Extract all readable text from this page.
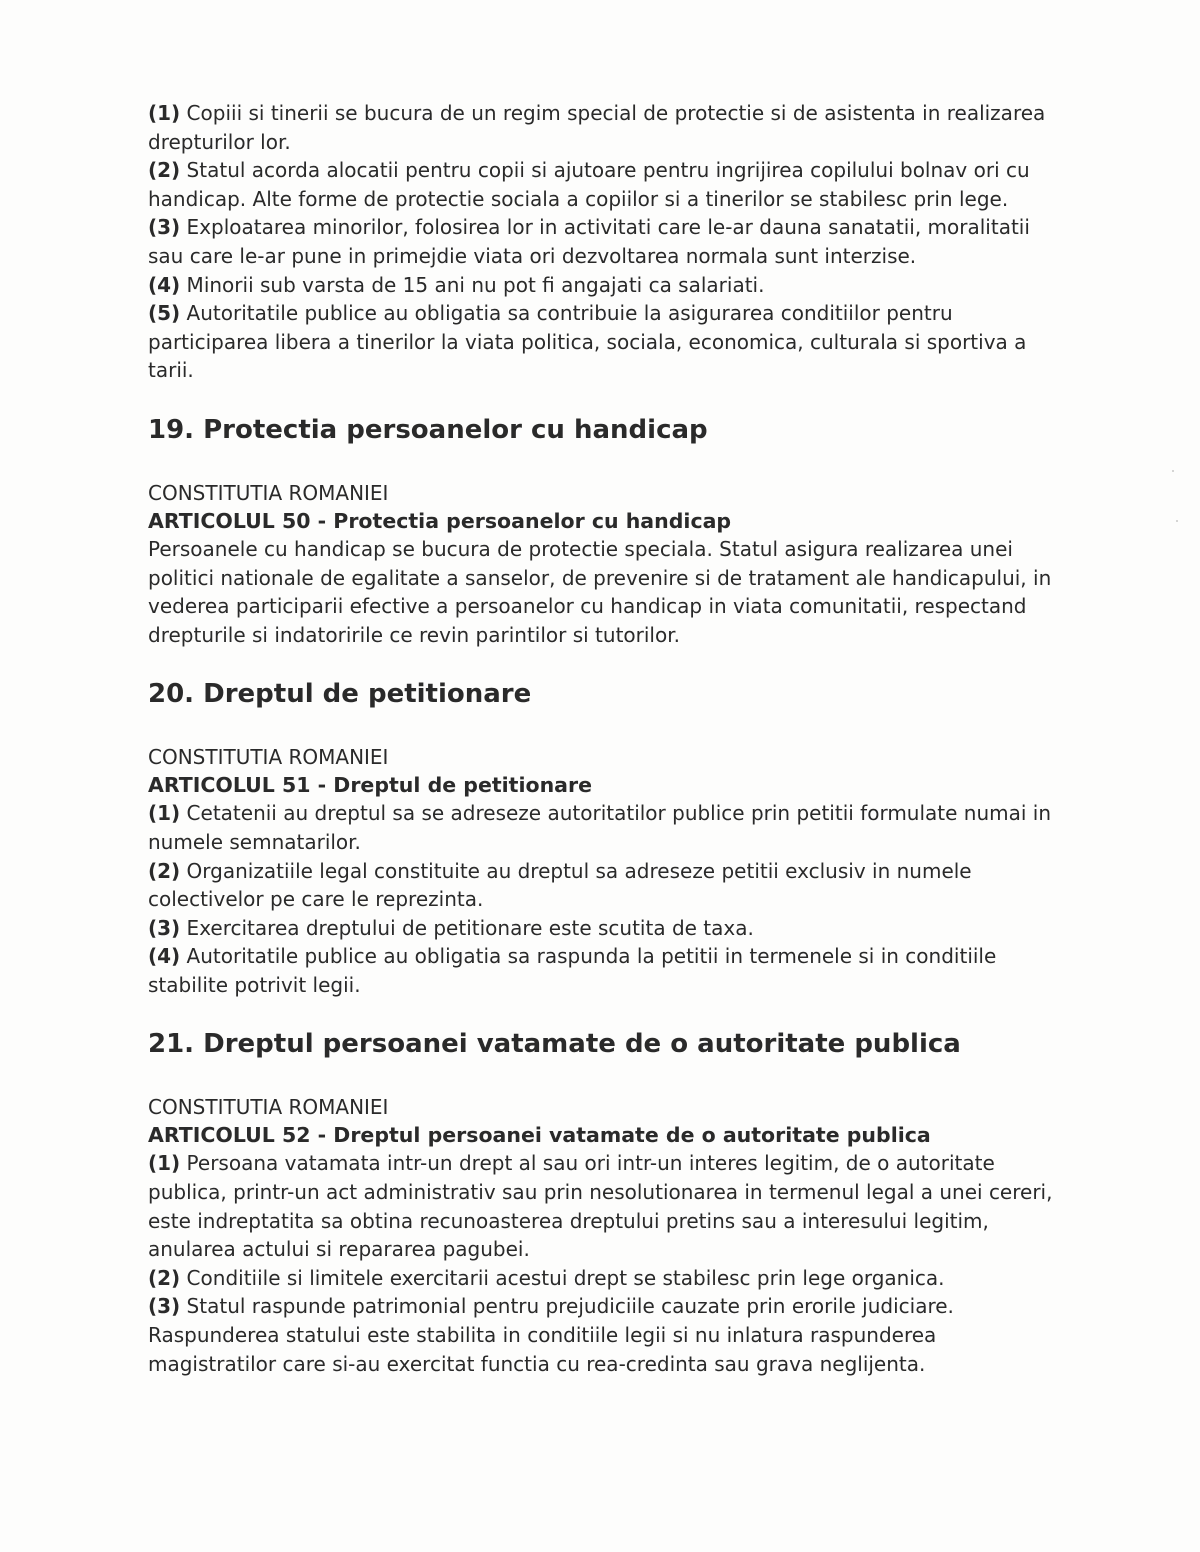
(1) Copiii si tinerii se bucura de un regim special de protectie si de asistenta in realizarea drepturilor lor.

(2) Statul acorda alocatii pentru copii si ajutoare pentru ingrijirea copilului bolnav ori cu handicap. Alte forme de protectie sociala a copiilor si a tinerilor se stabilesc prin lege.

(3) Exploatarea minorilor, folosirea lor in activitati care le-ar dauna sanatatii, moralitatii sau care le-ar pune in primejdie viata ori dezvoltarea normala sunt interzise.

(4) Minorii sub varsta de 15 ani nu pot fi angajati ca salariati.

(5) Autoritatile publice au obligatia sa contribuie la asigurarea conditiilor pentru participarea libera a tinerilor la viata politica, sociala, economica, culturala si sportiva a tarii.

19. Protectia persoanelor cu handicap

CONSTITUTIA ROMANIEI

ARTICOLUL 50 - Protectia persoanelor cu handicap

Persoanele cu handicap se bucura de protectie speciala. Statul asigura realizarea unei politici nationale de egalitate a sanselor, de prevenire si de tratament ale handicapului, in vederea participarii efective a persoanelor cu handicap in viata comunitatii, respectand drepturile si indatoririle ce revin parintilor si tutorilor.

20. Dreptul de petitionare

CONSTITUTIA ROMANIEI

ARTICOLUL 51 - Dreptul de petitionare

(1) Cetatenii au dreptul sa se adreseze autoritatilor publice prin petitii formulate numai in numele semnatarilor.

(2) Organizatiile legal constituite au dreptul sa adreseze petitii exclusiv in numele colectivelor pe care le reprezinta.

(3) Exercitarea dreptului de petitionare este scutita de taxa.

(4) Autoritatile publice au obligatia sa raspunda la petitii in termenele si in conditiile stabilite potrivit legii.

21. Dreptul persoanei vatamate de o autoritate publica

CONSTITUTIA ROMANIEI

ARTICOLUL 52 - Dreptul persoanei vatamate de o autoritate publica

(1) Persoana vatamata intr-un drept al sau ori intr-un interes legitim, de o autoritate publica, printr-un act administrativ sau prin nesolutionarea in termenul legal a unei cereri, este indreptatita sa obtina recunoasterea dreptului pretins sau a interesului legitim, anularea actului si repararea pagubei.

(2) Conditiile si limitele exercitarii acestui drept se stabilesc prin lege organica.

(3) Statul raspunde patrimonial pentru prejudiciile cauzate prin erorile judiciare. Raspunderea statului este stabilita in conditiile legii si nu inlatura raspunderea magistratilor care si-au exercitat functia cu rea-credinta sau grava neglijenta.
